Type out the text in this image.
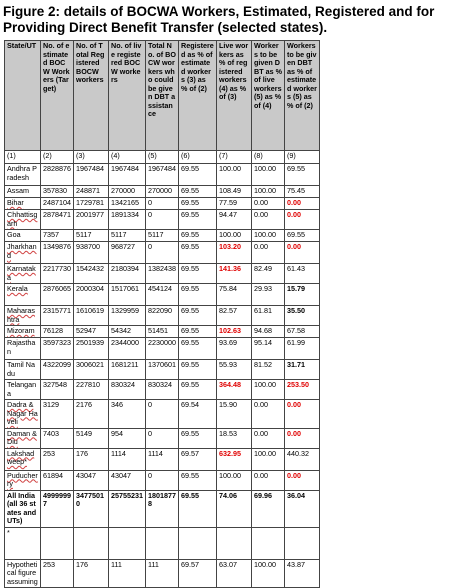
Figure 2: details of BOCWA Workers, Estimated, Registered and for Providing Direct Benefit Transfer (selected states).
State/UT	No. of estimated BOCW Workers (Target)	No. of Total Registered BOCW workers	No. of live registered BOCW workers	Total No. of BOCW workers who could be given DBT assistance	Registered as % of estimated workers (3) as % of (2)	Live workers as % of registered workers (4) as % of (3)	Workers to be given DBT as % of live workers (5) as % of (4)	Workers to be given DBT as % of estimated workers (5) as % of (2)
(1)	(2)	(3)	(4)	(5)	(6)	(7)	(8)	(9)
Andhra Pradesh	2828876	1967484	1967484	1967484	69.55	100.00	100.00	69.55
Assam	357830	248871	270000	270000	69.55	108.49	100.00	75.45
Bihar	2487104	1729781	1342165	0	69.55	77.59	0.00	0.00
Chhattisgarh	2878471	2001977	1891334	0	69.55	94.47	0.00	0.00
Goa	7357	5117	5117	5117	69.55	100.00	100.00	69.55
Jharkhand	1349876	938700	968727	0	69.55	103.20	0.00	0.00
Karnataka	2217730	1542432	2180394	1382438	69.55	141.36	82.49	61.43
Kerala	2876065	2000304	1517061	454124	69.55	75.84	29.93	15.79
Maharashtra	2315771	1610619	1329959	822090	69.55	82.57	61.81	35.50
Mizoram	76128	52947	54342	51451	69.55	102.63	94.68	67.58
Rajasthan	3597323	2501939	2344000	2230000	69.55	93.69	95.14	61.99
Tamil Nadu	4322099	3006021	1681211	1370601	69.55	55.93	81.52	31.71
Telangana	327548	227810	830324	830324	69.55	364.48	100.00	253.50
Dadra & Nagar Haveli	3129	2176	346	0	69.54	15.90	0.00	0.00
Daman & Diu	7403	5149	954	0	69.55	18.53	0.00	0.00
Lakshadweep*	253	176	1114	1114	69.57	632.95	100.00	440.32
Puducherry	61894	43047	43047	0	69.55	100.00	0.00	0.00
All India (all 36 states and UTs)	49999997	34775010	25755231	18018778	69.55	74.06	69.96	36.04
*								
Hypothetical figure assuming	253	176	111	111	69.57	63.07	100.00	43.87
